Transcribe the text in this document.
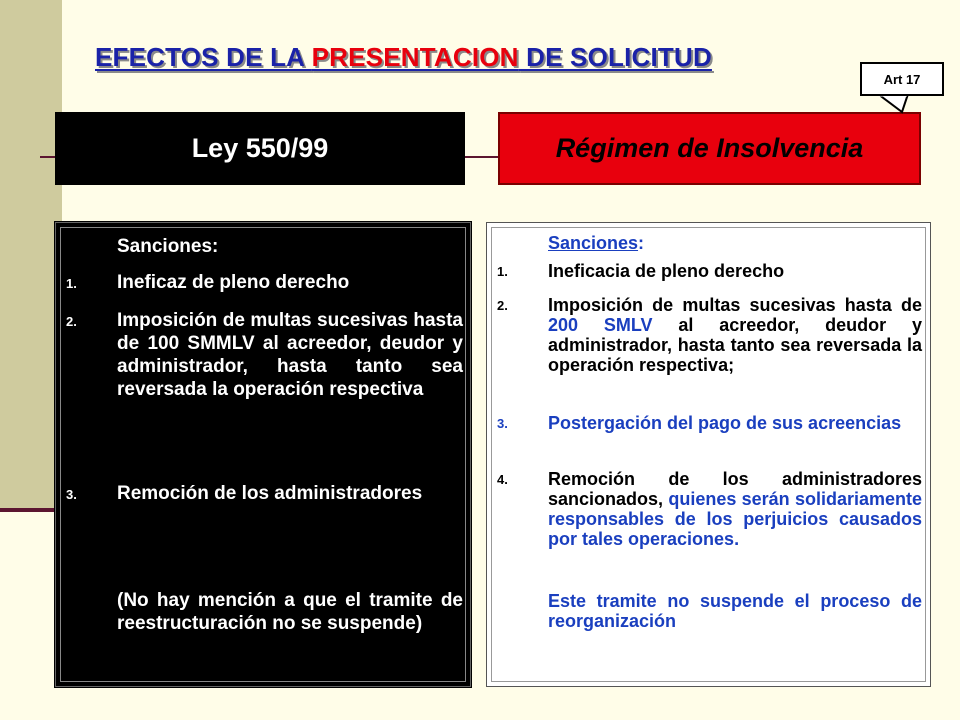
EFECTOS DE LA PRESENTACION DE SOLICITUD
Ley 550/99	Régimen de Insolvencia
Art 17
Sanciones:
1.	Ineficaz de pleno derecho
2.	Imposición de multas sucesivas hasta de 100 SMMLV al acreedor, deudor y administrador, hasta tanto sea reversada la operación respectiva
3.	Remoción de los administradores
(No hay mención a que el tramite de reestructuración no se suspende)
Sanciones:
1.	Ineficacia de pleno derecho
2.	Imposición de multas sucesivas hasta de 200 SMLV al acreedor, deudor y administrador, hasta tanto sea reversada la operación respectiva;
3.	Postergación del pago de sus acreencias
4.	Remoción de los administradores sancionados, quienes serán solidariamente responsables de los perjuicios causados por tales operaciones.
Este tramite no suspende el proceso de reorganización
